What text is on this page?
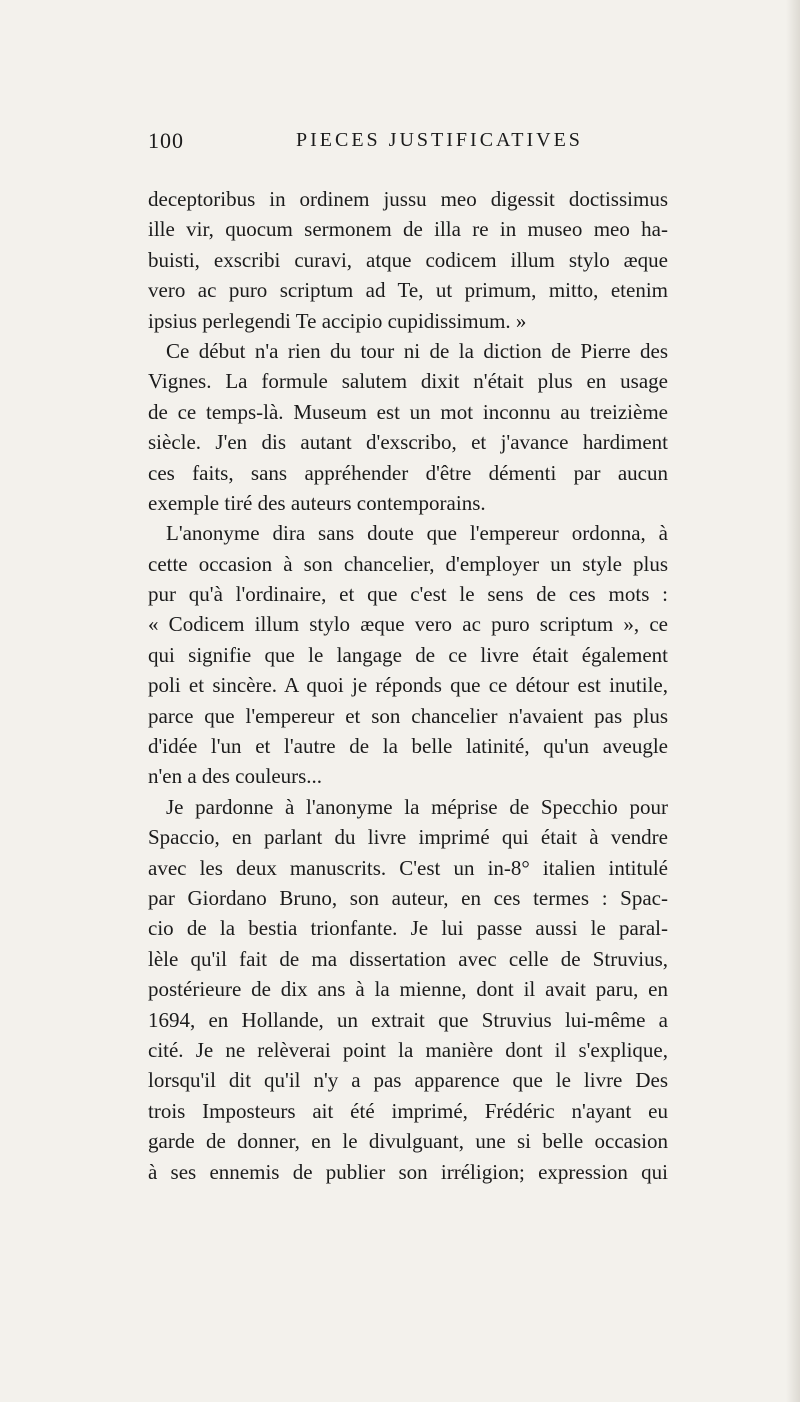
100	PIECES JUSTIFICATIVES
deceptoribus in ordinem jussu meo digessit doctissimus
ille vir, quocum sermonem de illa re in museo meo ha-
buisti, exscribi curavi, atque codicem illum stylo æque
vero ac puro scriptum ad Te, ut primum, mitto, etenim
ipsius perlegendi Te accipio cupidissimum. »
Ce début n'a rien du tour ni de la diction de Pierre des
Vignes. La formule salutem dixit n'était plus en usage
de ce temps-là. Museum est un mot inconnu au treizième
siècle. J'en dis autant d'exscribo, et j'avance hardiment
ces faits, sans appréhender d'être démenti par aucun
exemple tiré des auteurs contemporains.
L'anonyme dira sans doute que l'empereur ordonna, à
cette occasion à son chancelier, d'employer un style plus
pur qu'à l'ordinaire, et que c'est le sens de ces mots :
« Codicem illum stylo æque vero ac puro scriptum », ce
qui signifie que le langage de ce livre était également
poli et sincère. A quoi je réponds que ce détour est inutile,
parce que l'empereur et son chancelier n'avaient pas plus
d'idée l'un et l'autre de la belle latinité, qu'un aveugle
n'en a des couleurs...
Je pardonne à l'anonyme la méprise de Specchio pour
Spaccio, en parlant du livre imprimé qui était à vendre
avec les deux manuscrits. C'est un in-8° italien intitulé
par Giordano Bruno, son auteur, en ces termes : Spac-
cio de la bestia trionfante. Je lui passe aussi le paral-
lèle qu'il fait de ma dissertation avec celle de Struvius,
postérieure de dix ans à la mienne, dont il avait paru, en
1694, en Hollande, un extrait que Struvius lui-même a
cité. Je ne relèverai point la manière dont il s'explique,
lorsqu'il dit qu'il n'y a pas apparence que le livre Des
trois Imposteurs ait été imprimé, Frédéric n'ayant eu
garde de donner, en le divulguant, une si belle occasion
à ses ennemis de publier son irréligion; expression qui
